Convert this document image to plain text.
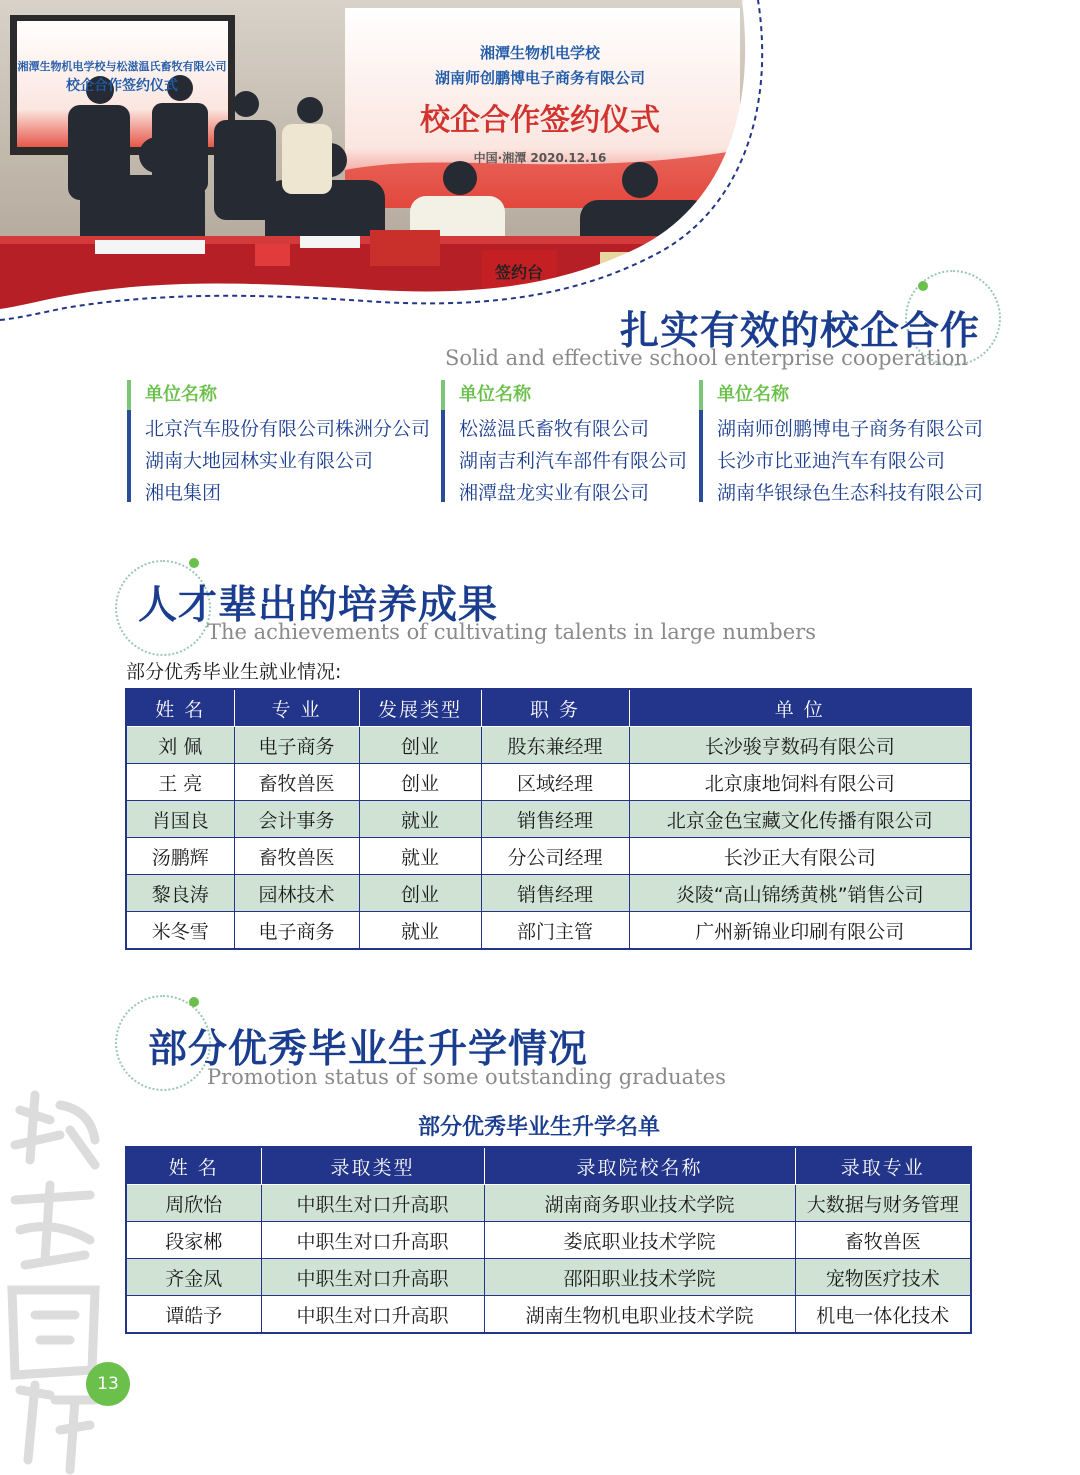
湘潭生物机电学校与松滋温氏畜牧有限公司
校企合作签约仪式
湘潭生物机电学校
湖南师创鹏博电子商务有限公司
校企合作签约仪式
中国·湘潭 2020.12.16
签约台
扎实有效的校企合作
Solid and effective school enterprise cooperation
单位名称
北京汽车股份有限公司株洲分公司
湖南大地园林实业有限公司
湘电集团
单位名称
松滋温氏畜牧有限公司
湖南吉利汽车部件有限公司
湘潭盘龙实业有限公司
单位名称
湖南师创鹏博电子商务有限公司
长沙市比亚迪汽车有限公司
湖南华银绿色生态科技有限公司
人才辈出的培养成果
The achievements of cultivating talents in large numbers
部分优秀毕业生就业情况:
姓 名	专 业	发展类型	职 务	单 位
刘 佩	电子商务	创业	股东兼经理	长沙骏亨数码有限公司
王 亮	畜牧兽医	创业	区域经理	北京康地饲料有限公司
肖国良	会计事务	就业	销售经理	北京金色宝藏文化传播有限公司
汤鹏辉	畜牧兽医	就业	分公司经理	长沙正大有限公司
黎良涛	园林技术	创业	销售经理	炎陵“高山锦绣黄桃”销售公司
米冬雪	电子商务	就业	部门主管	广州新锦业印刷有限公司
部分优秀毕业生升学情况
Promotion status of some outstanding graduates
部分优秀毕业生升学名单
姓 名	录取类型	录取院校名称	录取专业
周欣怡	中职生对口升高职	湖南商务职业技术学院	大数据与财务管理
段家郴	中职生对口升高职	娄底职业技术学院	畜牧兽医
齐金凤	中职生对口升高职	邵阳职业技术学院	宠物医疗技术
谭皓予	中职生对口升高职	湖南生物机电职业技术学院	机电一体化技术
13
